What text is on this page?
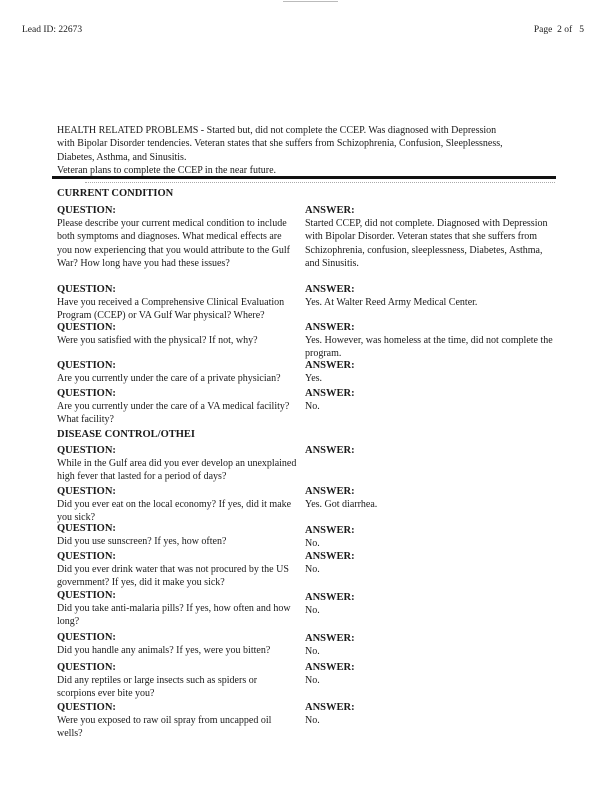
Lead ID: 22673	Page  2 of   5
HEALTH RELATED PROBLEMS - Started but, did not complete the CCEP. Was diagnosed with Depression
with Bipolar Disorder tendencies. Veteran states that she suffers from Schizophrenia, Confusion, Sleeplessness,
Diabetes, Asthma, and Sinusitis.
Veteran plans to complete the CCEP in the near future.
CURRENT CONDITION
DISEASE CONTROL/OTHEI
QUESTION:
Please describe your current medical condition to include both symptoms and diagnoses. What medical effects are you now experiencing that you would attribute to the Gulf War? How long have you had these issues?
ANSWER:
Started CCEP, did not complete. Diagnosed with Depression with Bipolar Disorder. Veteran states that she suffers from Schizophrenia, confusion, sleeplessness, Diabetes, Asthma, and Sinusitis.
QUESTION:
Have you received a Comprehensive Clinical Evaluation Program (CCEP) or VA Gulf War physical? Where?
ANSWER:
Yes. At Walter Reed Army Medical Center.
QUESTION:
Were you satisfied with the physical? If not, why?
ANSWER:
Yes. However, was homeless at the time, did not complete the program.
QUESTION:
Are you currently under the care of a private physician?
ANSWER:
Yes.
QUESTION:
Are you currently under the care of a VA medical facility? What facility?
ANSWER:
No.
QUESTION:
While in the Gulf area did you ever develop an unexplained high fever that lasted for a period of days?
ANSWER:
QUESTION:
Did you ever eat on the local economy? If yes, did it make you sick?
ANSWER:
Yes. Got diarrhea.
QUESTION:
Did you use sunscreen? If yes, how often?
ANSWER:
No.
QUESTION:
Did you ever drink water that was not procured by the US government? If yes, did it make you sick?
ANSWER:
No.
QUESTION:
Did you take anti-malaria pills? If yes, how often and how long?
ANSWER:
No.
QUESTION:
Did you handle any animals? If yes, were you bitten?
ANSWER:
No.
QUESTION:
Did any reptiles or large insects such as spiders or scorpions ever bite you?
ANSWER:
No.
QUESTION:
Were you exposed to raw oil spray from uncapped oil wells?
ANSWER:
No.
